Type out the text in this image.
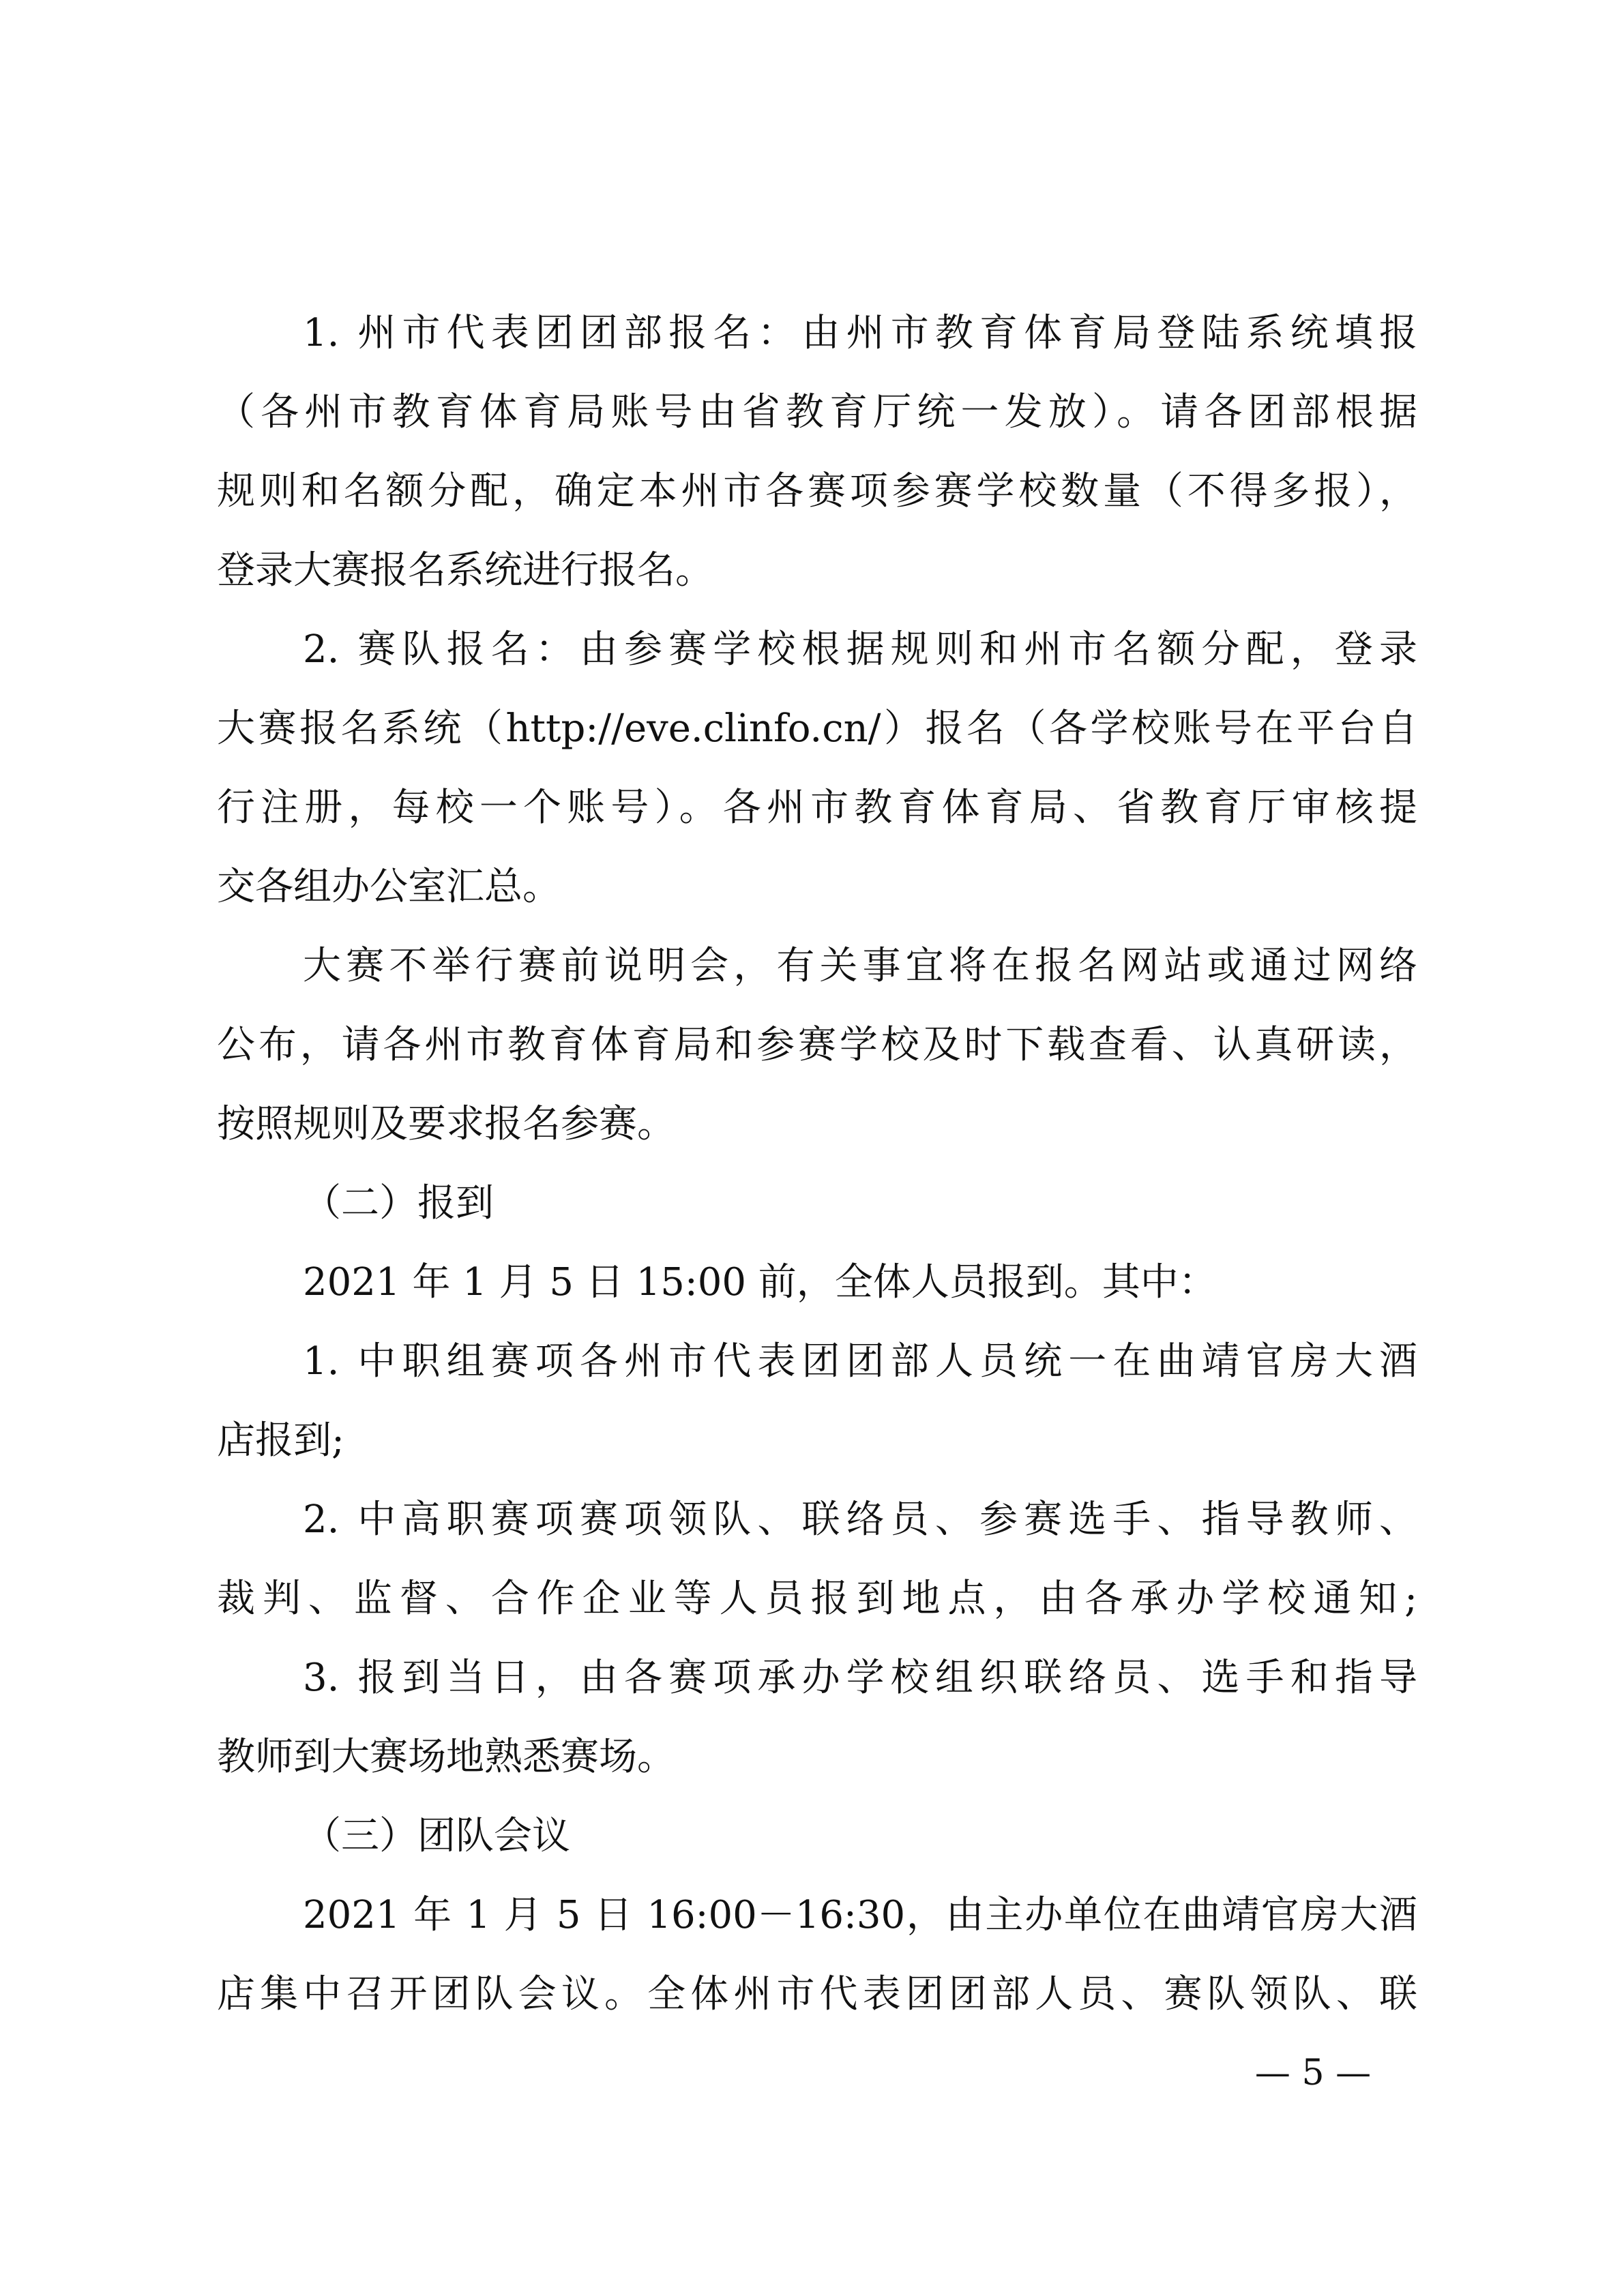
1. 州市代表团团部报名：由州市教育体育局登陆系统填报
（各州市教育体育局账号由省教育厅统一发放）。请各团部根据
规则和名额分配，确定本州市各赛项参赛学校数量（不得多报），
登录大赛报名系统进行报名。
2. 赛队报名：由参赛学校根据规则和州市名额分配，登录
大赛报名系统（http://eve.clinfo.cn/）报名（各学校账号在平台自
行注册，每校一个账号）。各州市教育体育局、省教育厅审核提
交各组办公室汇总。
大赛不举行赛前说明会，有关事宜将在报名网站或通过网络
公布，请各州市教育体育局和参赛学校及时下载查看、认真研读，
按照规则及要求报名参赛。
（二）报到
2021 年 1 月 5 日 15:00 前，全体人员报到。其中：
1. 中职组赛项各州市代表团团部人员统一在曲靖官房大酒
店报到;
2. 中高职赛项赛项领队、联络员、参赛选手、指导教师、
裁判、监督、合作企业等人员报到地点，由各承办学校通知;
3. 报到当日，由各赛项承办学校组织联络员、选手和指导
教师到大赛场地熟悉赛场。
（三）团队会议
2021 年 1 月 5 日 16:00－16:30，由主办单位在曲靖官房大酒
店集中召开团队会议。全体州市代表团团部人员、赛队领队、联
— 5 —
